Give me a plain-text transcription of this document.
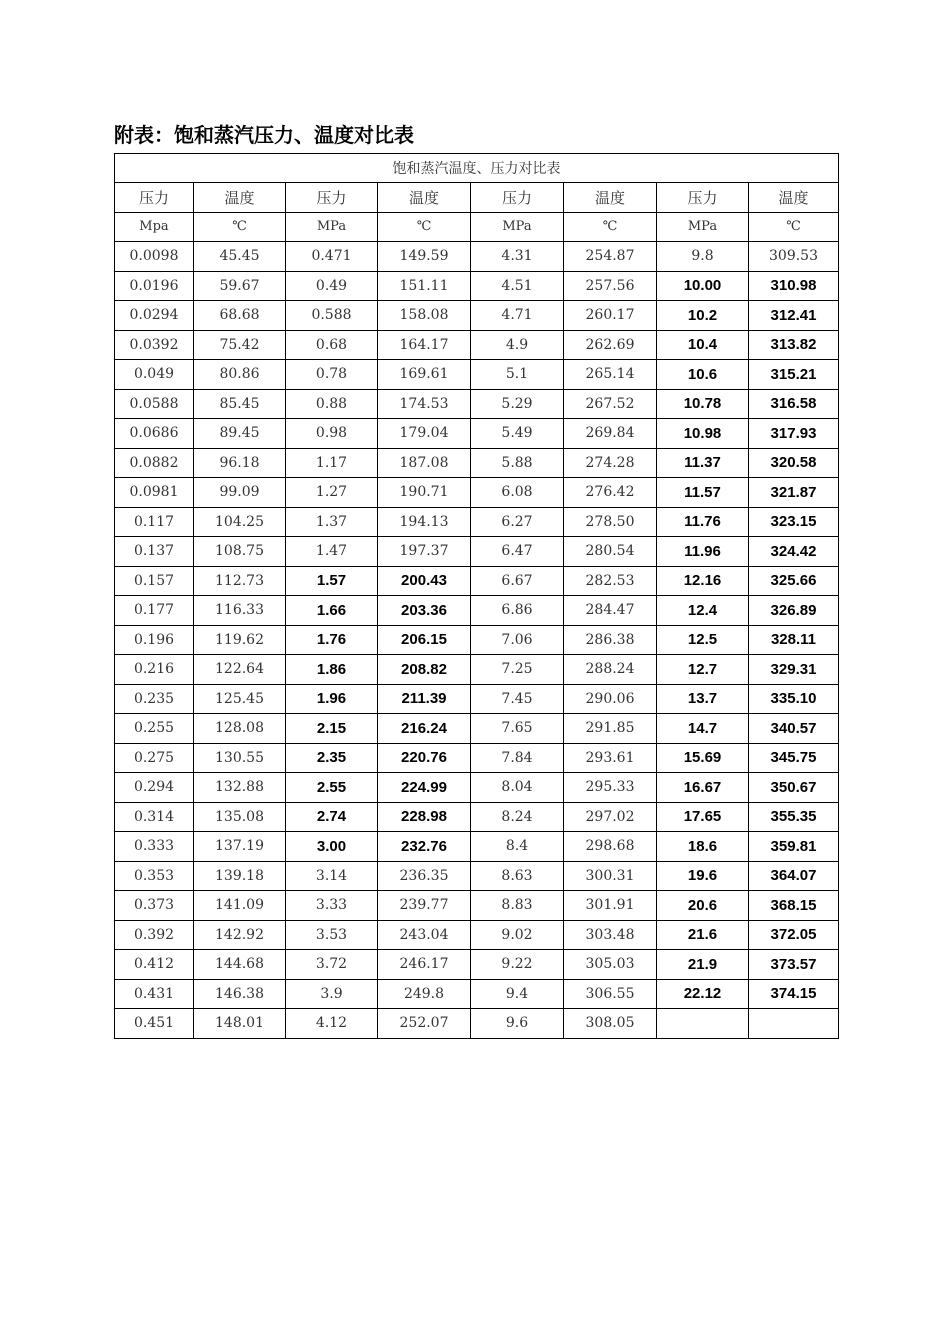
附表：饱和蒸汽压力、温度对比表
饱和蒸汽温度、压力对比表							
压力	温度	压力	温度	压力	温度	压力	温度
Mpa	℃	MPa	℃	MPa	℃	MPa	℃
0.0098	45.45	0.471	149.59	4.31	254.87	9.8	309.53
0.0196	59.67	0.49	151.11	4.51	257.56	10.00	310.98
0.0294	68.68	0.588	158.08	4.71	260.17	10.2	312.41
0.0392	75.42	0.68	164.17	4.9	262.69	10.4	313.82
0.049	80.86	0.78	169.61	5.1	265.14	10.6	315.21
0.0588	85.45	0.88	174.53	5.29	267.52	10.78	316.58
0.0686	89.45	0.98	179.04	5.49	269.84	10.98	317.93
0.0882	96.18	1.17	187.08	5.88	274.28	11.37	320.58
0.0981	99.09	1.27	190.71	6.08	276.42	11.57	321.87
0.117	104.25	1.37	194.13	6.27	278.50	11.76	323.15
0.137	108.75	1.47	197.37	6.47	280.54	11.96	324.42
0.157	112.73	1.57	200.43	6.67	282.53	12.16	325.66
0.177	116.33	1.66	203.36	6.86	284.47	12.4	326.89
0.196	119.62	1.76	206.15	7.06	286.38	12.5	328.11
0.216	122.64	1.86	208.82	7.25	288.24	12.7	329.31
0.235	125.45	1.96	211.39	7.45	290.06	13.7	335.10
0.255	128.08	2.15	216.24	7.65	291.85	14.7	340.57
0.275	130.55	2.35	220.76	7.84	293.61	15.69	345.75
0.294	132.88	2.55	224.99	8.04	295.33	16.67	350.67
0.314	135.08	2.74	228.98	8.24	297.02	17.65	355.35
0.333	137.19	3.00	232.76	8.4	298.68	18.6	359.81
0.353	139.18	3.14	236.35	8.63	300.31	19.6	364.07
0.373	141.09	3.33	239.77	8.83	301.91	20.6	368.15
0.392	142.92	3.53	243.04	9.02	303.48	21.6	372.05
0.412	144.68	3.72	246.17	9.22	305.03	21.9	373.57
0.431	146.38	3.9	249.8	9.4	306.55	22.12	374.15
0.451	148.01	4.12	252.07	9.6	308.05		
